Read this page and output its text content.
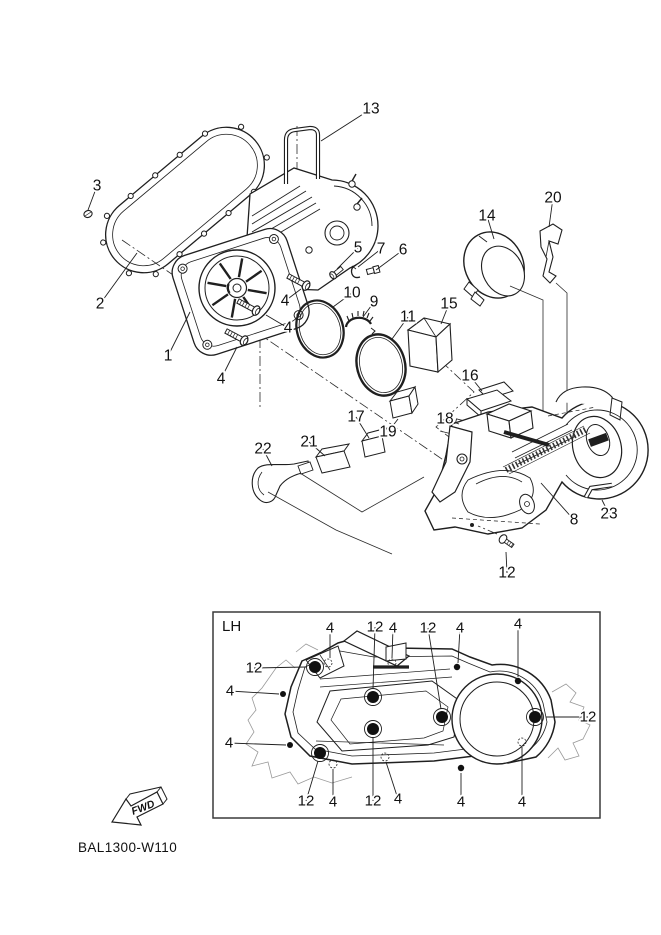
1
2
3
4
4
4
5 6
7
8
9
10
11
12
13
14
15
16
17	18
19
20
21
22
23
LH	4 12 4 12 4	4
12
4
4
12
12 4 12 4	4	4
FWD
BAL1300-W110
